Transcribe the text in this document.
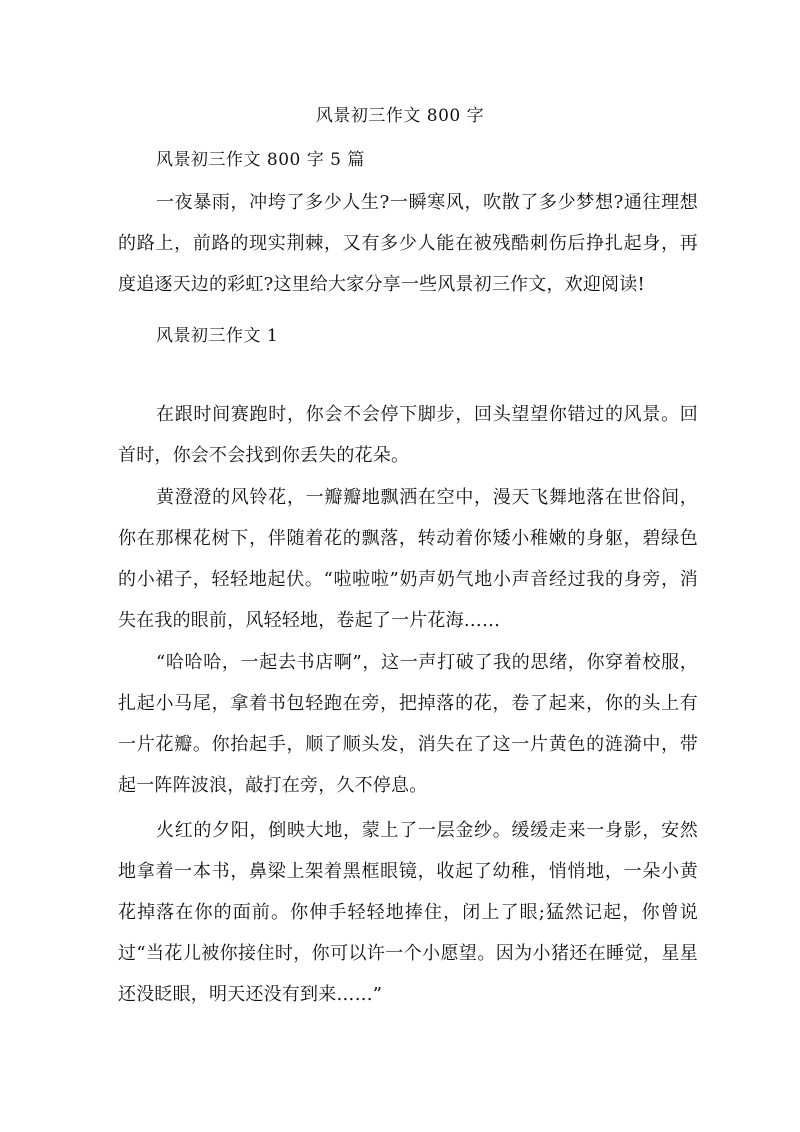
风景初三作文 800 字
风景初三作文 800 字 5 篇

一夜暴雨，冲垮了多少人生?一瞬寒风，吹散了多少梦想?通往理想的路上，前路的现实荆棘，又有多少人能在被残酷刺伤后挣扎起身，再度追逐天边的彩虹?这里给大家分享一些风景初三作文，欢迎阅读!

风景初三作文 1

在跟时间赛跑时，你会不会停下脚步，回头望望你错过的风景。回首时，你会不会找到你丢失的花朵。

黄澄澄的风铃花，一瓣瓣地飘洒在空中，漫天飞舞地落在世俗间，你在那棵花树下，伴随着花的飘落，转动着你矮小稚嫩的身躯，碧绿色的小裙子，轻轻地起伏。“啦啦啦”奶声奶气地小声音经过我的身旁，消失在我的眼前，风轻轻地，卷起了一片花海……

“哈哈哈，一起去书店啊”，这一声打破了我的思绪，你穿着校服，扎起小马尾，拿着书包轻跑在旁，把掉落的花，卷了起来，你的头上有一片花瓣。你抬起手，顺了顺头发，消失在了这一片黄色的涟漪中，带起一阵阵波浪，敲打在旁，久不停息。

火红的夕阳，倒映大地，蒙上了一层金纱。缓缓走来一身影，安然地拿着一本书，鼻梁上架着黑框眼镜，收起了幼稚，悄悄地，一朵小黄花掉落在你的面前。你伸手轻轻地捧住，闭上了眼;猛然记起，你曾说过“当花儿被你接住时，你可以许一个小愿望。因为小猪还在睡觉，星星还没眨眼，明天还没有到来……”
